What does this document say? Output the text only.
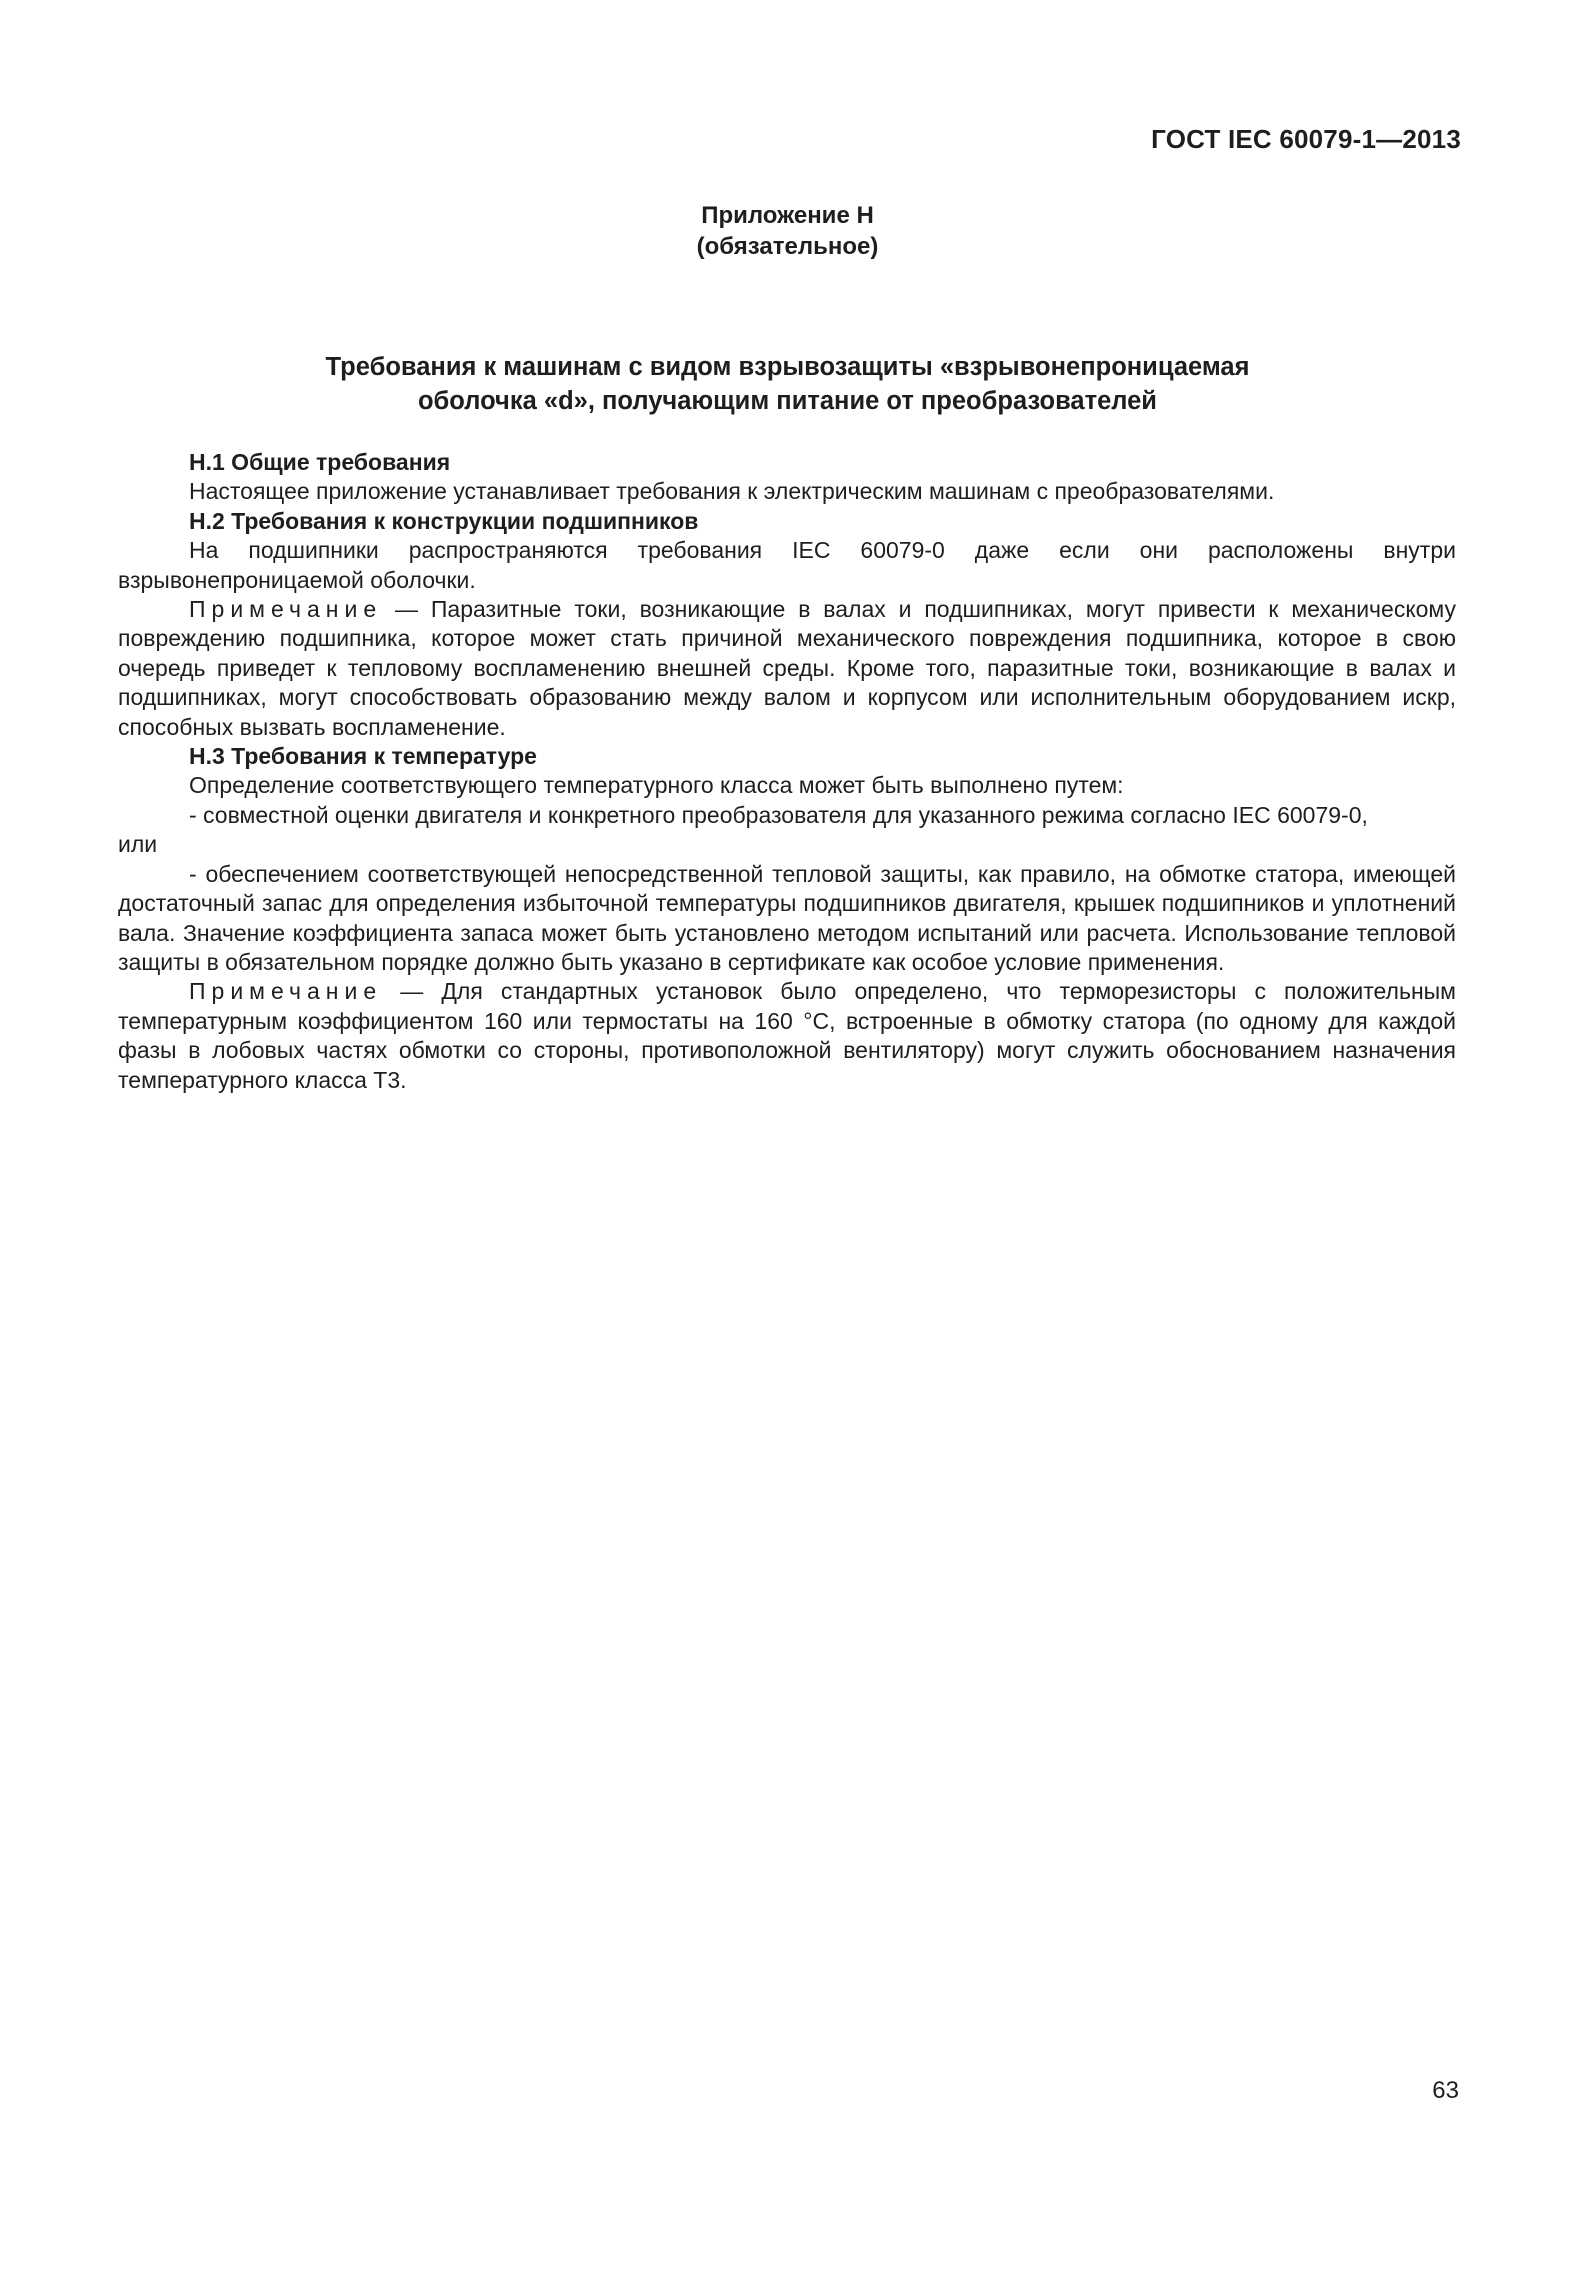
ГОСТ IEC 60079-1—2013
Приложение Н
(обязательное)
Требования к машинам с видом взрывозащиты «взрывонепроницаемая
оболочка «d», получающим питание от преобразователей

Н.1 Общие требования

Настоящее приложение устанавливает требования к электрическим машинам с преобразователями.

Н.2 Требования к конструкции подшипников

На подшипники распространяются требования IEC 60079-0 даже если они расположены внутри взрывонепроницаемой оболочки.

Примечание — Паразитные токи, возникающие в валах и подшипниках, могут привести к механическому повреждению подшипника, которое может стать причиной механического повреждения подшипника, которое в свою очередь приведет к тепловому воспламенению внешней среды. Кроме того, паразитные токи, возникающие в валах и подшипниках, могут способствовать образованию между валом и корпусом или исполнительным оборудованием искр, способных вызвать воспламенение.

Н.3 Требования к температуре

Определение соответствующего температурного класса может быть выполнено путем:

- совместной оценки двигателя и конкретного преобразователя для указанного режима согласно IEC 60079-0,

или

- обеспечением соответствующей непосредственной тепловой защиты, как правило, на обмотке статора, имеющей достаточный запас для определения избыточной температуры подшипников двигателя, крышек подшипников и уплотнений вала. Значение коэффициента запаса может быть установлено методом испытаний или расчета. Использование тепловой защиты в обязательном порядке должно быть указано в сертификате как особое условие применения.

Примечание — Для стандартных установок было определено, что терморезисторы с положительным температурным коэффициентом 160 или термостаты на 160 °С, встроенные в обмотку статора (по одному для каждой фазы в лобовых частях обмотки со стороны, противоположной вентилятору) могут служить обоснованием назначения температурного класса Т3.

63
